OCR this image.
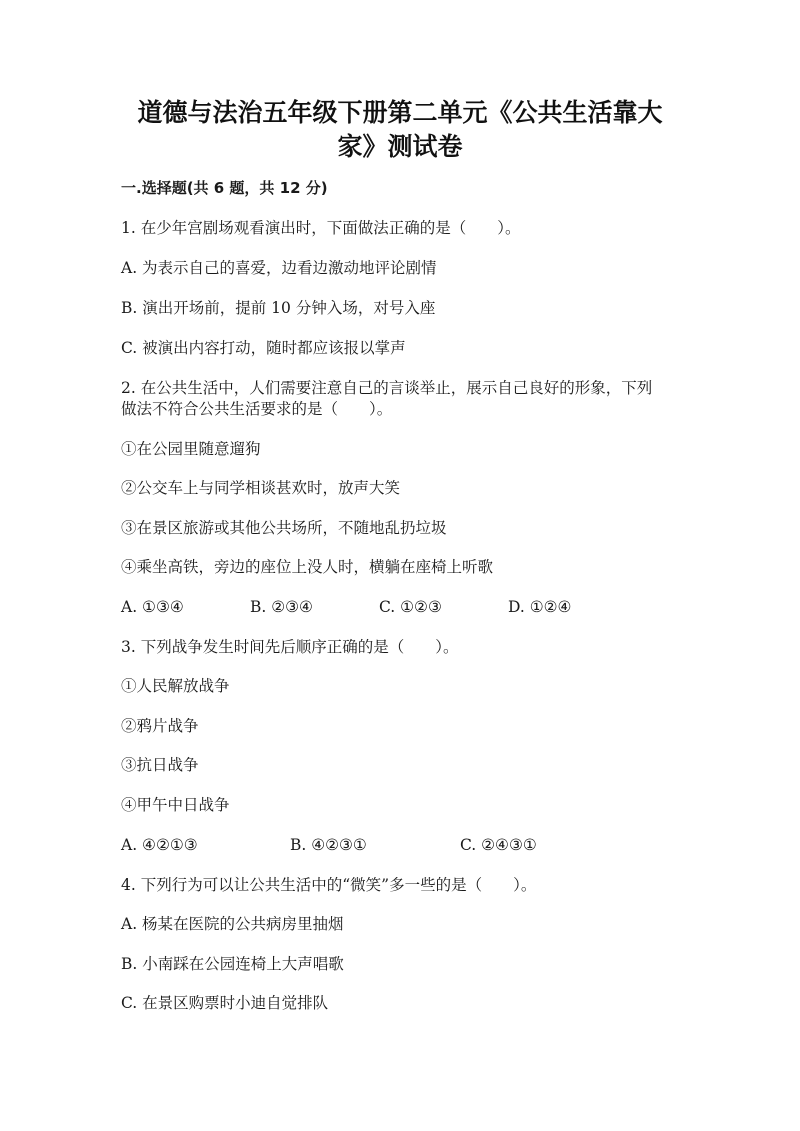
道德与法治五年级下册第二单元《公共生活靠大
家》测试卷
一.选择题(共 6 题，共 12 分)
1. 在少年宫剧场观看演出时，下面做法正确的是（　　）。
A. 为表示自己的喜爱，边看边激动地评论剧情
B. 演出开场前，提前 10 分钟入场，对号入座
C. 被演出内容打动，随时都应该报以掌声
2. 在公共生活中，人们需要注意自己的言谈举止，展示自己良好的形象，下列
做法不符合公共生活要求的是（　　）。
①在公园里随意遛狗
②公交车上与同学相谈甚欢时，放声大笑
③在景区旅游或其他公共场所，不随地乱扔垃圾
④乘坐高铁，旁边的座位上没人时，横躺在座椅上听歌
A. ①③④	B. ②③④	C. ①②③	D. ①②④
3. 下列战争发生时间先后顺序正确的是（　　）。
①人民解放战争
②鸦片战争
③抗日战争
④甲午中日战争
A. ④②①③	B. ④②③①	C. ②④③①
4. 下列行为可以让公共生活中的“微笑”多一些的是（　　）。
A. 杨某在医院的公共病房里抽烟
B. 小南踩在公园连椅上大声唱歌
C. 在景区购票时小迪自觉排队
